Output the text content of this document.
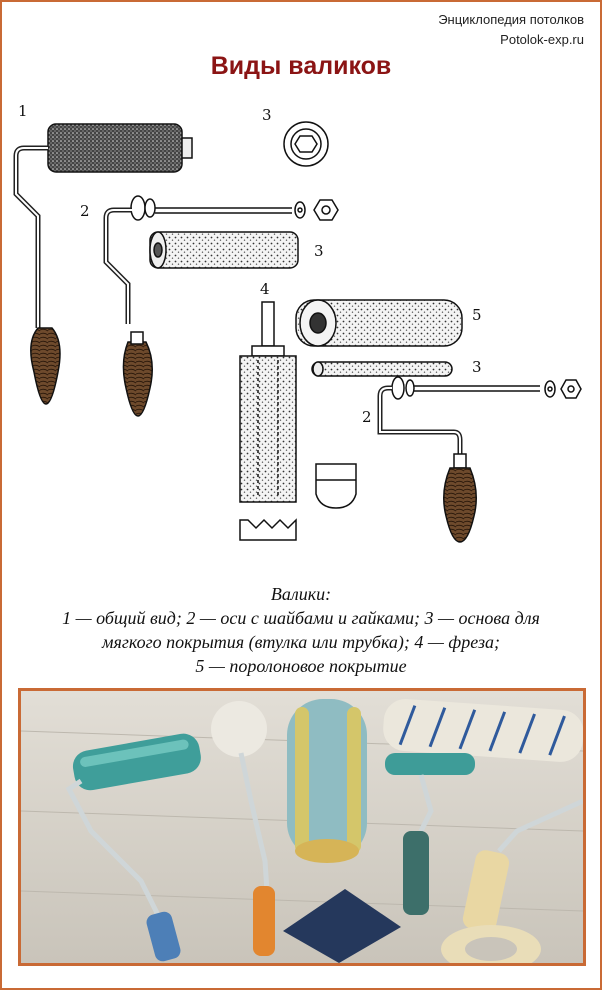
Энциклопедия потолков
Potolok-exp.ru
Виды валиков
1
2
3
3
4
5
3
2
Валики:
1 — общий вид; 2 — оси с шайбами и гайками; 3 — основа для
мягкого покрытия (втулка или трубка); 4 — фреза;
5 — поролоновое покрытие
